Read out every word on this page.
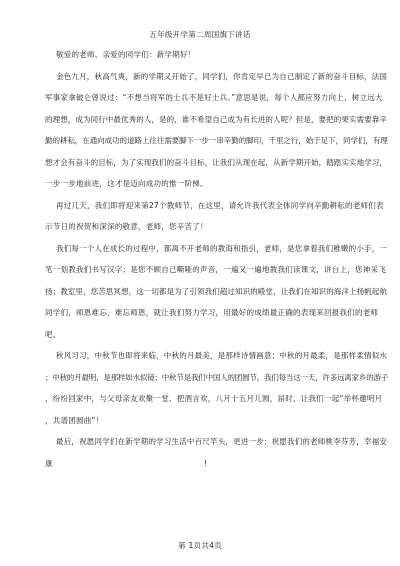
五年级开学第二周国旗下讲话
敬爱的老师、亲爱的同学们：新学期好！
金色九月，秋高气爽，新的学期又开始了，同学们，你肯定早已为自己制定了新的奋斗目标，法国
军事家拿破仑曾说过：“不想当将军的士兵不是好士兵。”意思是说，每个人都应努力向上，树立远大
的理想，成为同行中最优秀的人，是的，谁不希望自己成为有长进的人呢？但是，要把的果实需要靠辛
勤的耕耘，在通向成功的道路上往往需要脚下一步一串辛勤的脚印，千里之行，始于足下，同学们，有理
想才会有奋斗的目标，为了实现我们的奋斗目标，让我们从现在起，从新学期开始，踏踏实实地学习，
一步一步地前进，这才是迈向成功的惟一阶梯。
再过几天，我们即将迎来第27个教师节，在这里，请允许我代表全体同学向辛勤耕耘的老师们表
示节日的祝贺和深深的敬意，老师，您辛苦了！
我们每一个人在成长的过程中，都离不开老师的教诲和指引，老师，是您拿着我们稚嫩的小手，一
笔一划教我们书写汉字；是您不顾自己嘶哑的声音，一遍又一遍地教我们读课文，讲台上，您神采飞
扬；教室里，您苦思冥想，这一切都是为了引领我们超过知识的殿堂，让我们在知识的海洋上扬帆起航
同学们，师恩难忘，难忘师恩，就让我们努力学习，用最好的成绩最正确的表现来回报我们的老师
吧。
秋风习习，中秋节也即将来临，中秋的月最美，是那样诗情画意；中秋的月最柔，是那样柔情似水
；中秋的月最明，是那样如水似镜；中秋节是我们中国人的团圆节，我们每当这一天，许多远离家乡的游子
，纷纷回家中，与父母亲友欢聚一堂、把酒言欢，八月十五月儿圆，届时，让我们一起“举杯邀明月
，共谱团圆曲”！
最后，祝愿同学们在新学期的学习生活中百尺竿头，更进一步；祝愿我们的老师桃李芬芳，幸福安
康	!
第 1页共4页
